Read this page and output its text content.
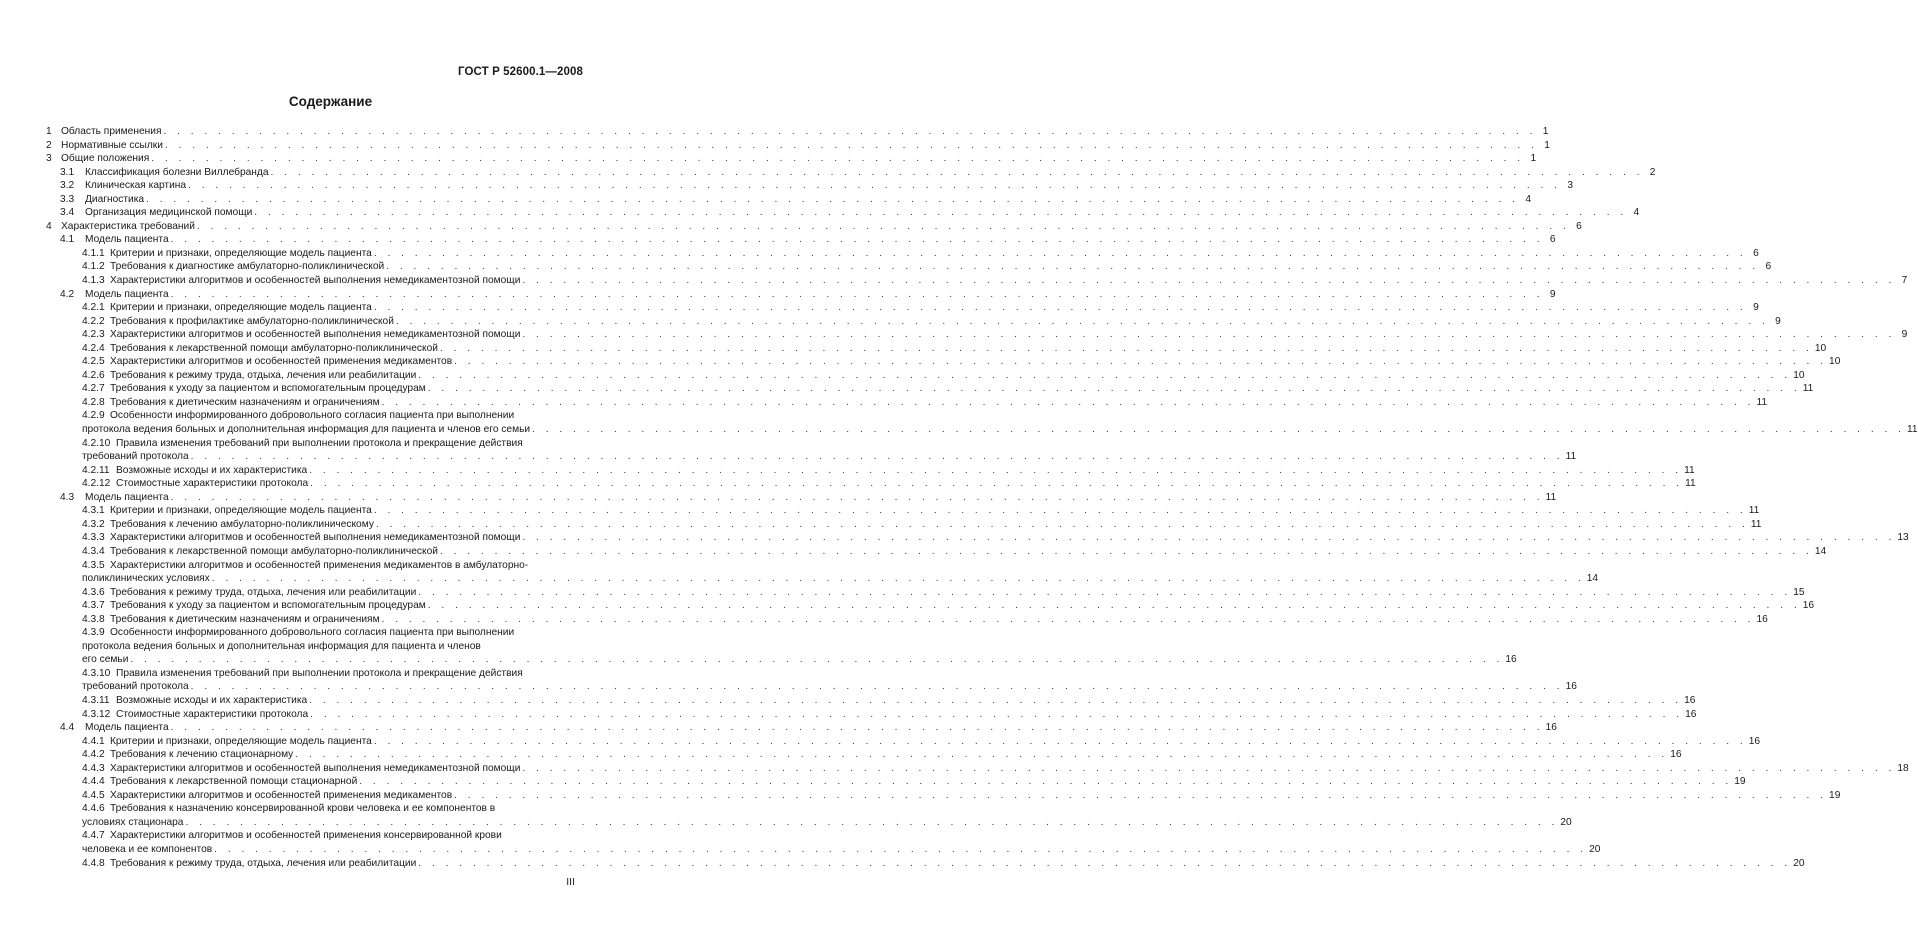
ГОСТ Р 52600.1—2008
Содержание
1 Область применения . . .	1
2 Нормативные ссылки . . .	1
3 Общие положения . . .	1
3.1	Классификация болезни Виллебранда . . .	2
3.2	Клиническая картина . . .	3
3.3	Диагностика . . .	4
3.4	Организация медицинской помощи . . .	4
4 Характеристика требований . . .	6
4.1	Модель пациента . . .	6
4.1.1 Критерии и признаки, определяющие модель пациента . . .	6
4.1.2 Требования к диагностике амбулаторно-поликлинической . . .	6
4.1.3 Характеристики алгоритмов и особенностей выполнения немедикаментозной помощи . . .	7
4.2	Модель пациента . . .	9
4.2.1 Критерии и признаки, определяющие модель пациента . . .	9
4.2.2 Требования к профилактике амбулаторно-поликлинической . . .	9
4.2.3 Характеристики алгоритмов и особенностей выполнения немедикаментозной помощи . . .	9
4.2.4 Требования к лекарственной помощи амбулаторно-поликлинической . . .	10
4.2.5 Характеристики алгоритмов и особенностей применения медикаментов . . .	10
4.2.6 Требования к режиму труда, отдыха, лечения или реабилитации . . .	10
4.2.7 Требования к уходу за пациентом и вспомогательным процедурам . . .	11
4.2.8 Требования к диетическим назначениям и ограничениям . . .	11
4.2.9 Особенности информированного добровольного согласия пациента при выполнении
протокола ведения больных и дополнительная информация для пациента и членов его семьи . . .	11
4.2.10 Правила изменения требований при выполнении протокола и прекращение действия
требований протокола . . .	11
4.2.11 Возможные исходы и их характеристика . . .	11
4.2.12 Стоимостные характеристики протокола . . .	11
4.3	Модель пациента . . .	11
4.3.1 Критерии и признаки, определяющие модель пациента . . .	11
4.3.2 Требования к лечению амбулаторно-поликлиническому . . .	11
4.3.3 Характеристики алгоритмов и особенностей выполнения немедикаментозной помощи . . .	13
4.3.4 Требования к лекарственной помощи амбулаторно-поликлинической . . .	14
4.3.5 Характеристики алгоритмов и особенностей применения медикаментов в амбулаторно-
поликлинических условиях . . .	14
4.3.6 Требования к режиму труда, отдыха, лечения или реабилитации . . .	15
4.3.7 Требования к уходу за пациентом и вспомогательным процедурам . . .	16
4.3.8 Требования к диетическим назначениям и ограничениям . . .	16
4.3.9 Особенности информированного добровольного согласия пациента при выполнении
протокола ведения больных и дополнительная информация для пациента и членов
его семьи . . .	16
4.3.10 Правила изменения требований при выполнении протокола и прекращение действия
требований протокола . . .	16
4.3.11 Возможные исходы и их характеристика . . .	16
4.3.12 Стоимостные характеристики протокола . . .	16
4.4	Модель пациента . . .	16
4.4.1 Критерии и признаки, определяющие модель пациента . . .	16
4.4.2 Требования к лечению стационарному . . .	16
4.4.3 Характеристики алгоритмов и особенностей выполнения немедикаментозной помощи . . .	18
4.4.4 Требования к лекарственной помощи стационарной . . .	19
4.4.5 Характеристики алгоритмов и особенностей применения медикаментов . . .	19
4.4.6 Требования к назначению консервированной крови человека и ее компонентов в
условиях стационара . . .	20
4.4.7 Характеристики алгоритмов и особенностей применения консервированной крови
человека и ее компонентов . . .	20
4.4.8 Требования к режиму труда, отдыха, лечения или реабилитации . . .	20
III
